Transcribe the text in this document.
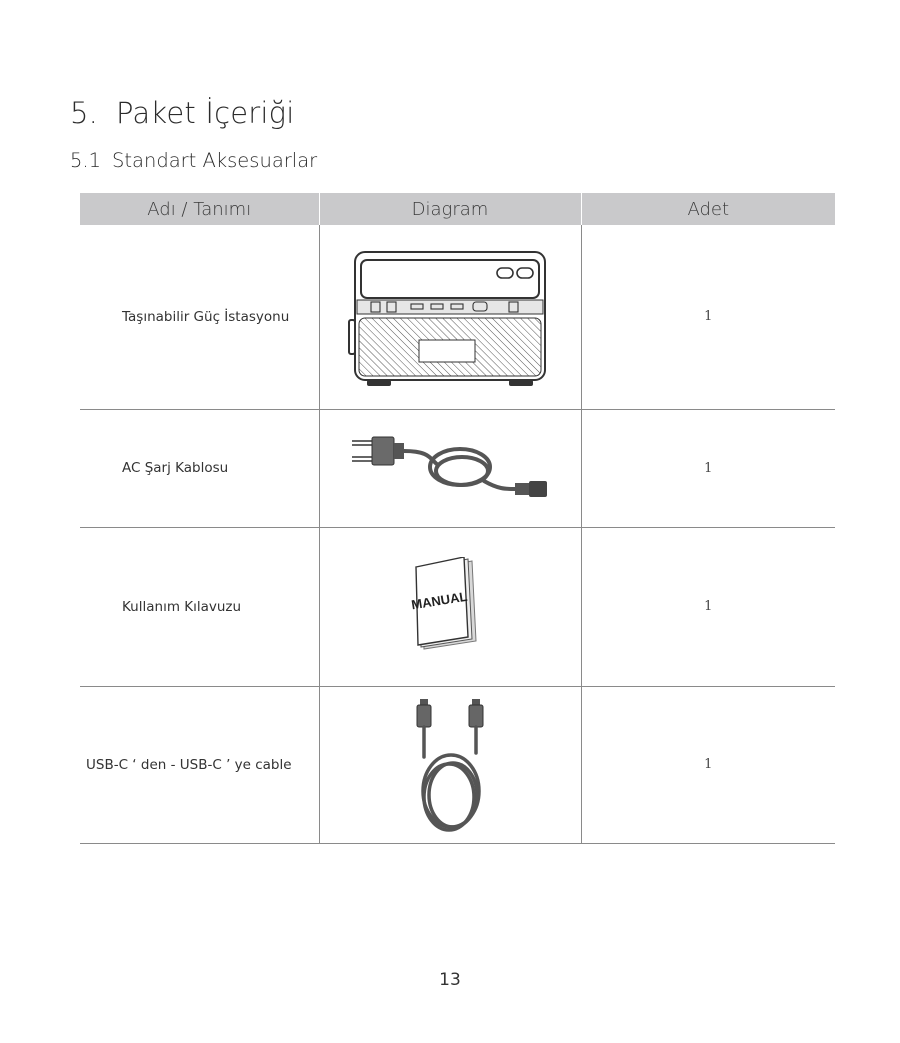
5. Paket İçeriği
5.1 Standart Aksesuarlar
Adı / Tanımı	Diagram	Adet

Taşınabilir Güç İstasyonu		1

AC Şarj Kablosu		1

Kullanım Kılavuzu	MANUAL	1

USB-C ‘ den - USB-C ’ ye cable		1
13
